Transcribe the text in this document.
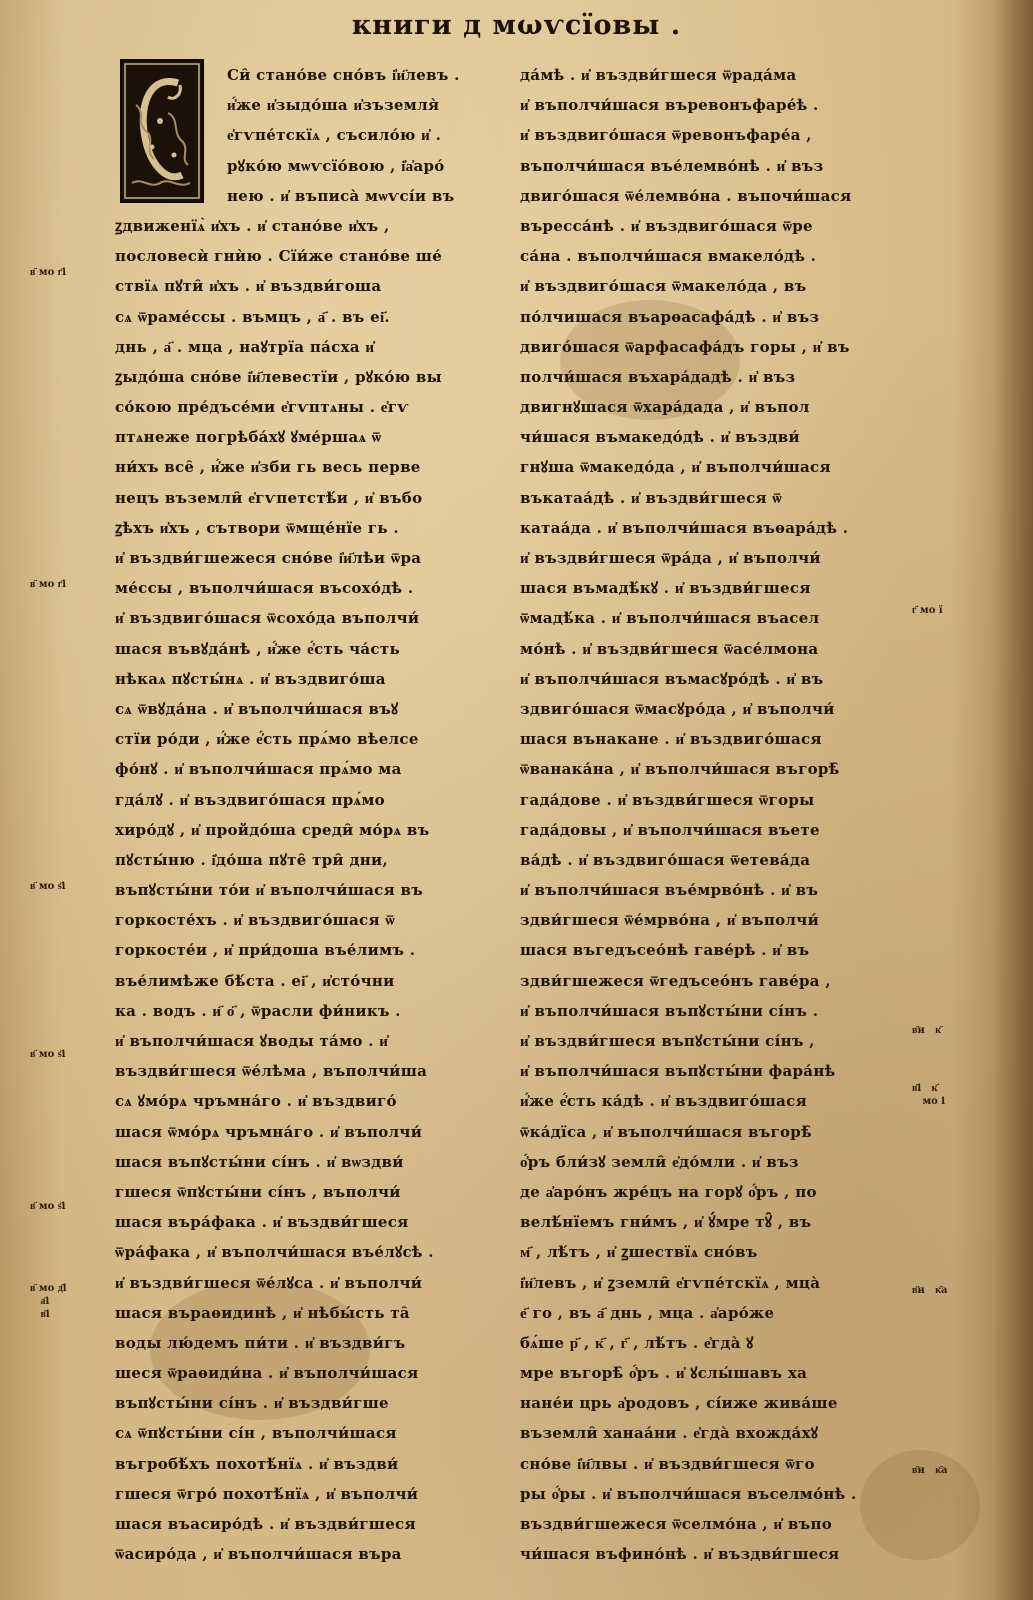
книги д мωѵсїовы .
Си̑ стано́ве сно́въ і҆и҃левъ .
и҆́же и҆зыдо́ша и҆зъземля̀
е҆гѵпе́тскїѧ , съсило́ю и҆ .
рꙋко́ю мѡѵсїо́вою , і҆а҆аро́
нею . и҆ въписа̀ мѡѵсі́и въ
ꙁдвиженїѧ̀ и҆хъ . и҆ стано́ве и҆хъ ,
пословесѝ гнѝю . Сїи́же стано́ве ше́
ствїѧ пꙋти̑ и҆хъ . и҆ въздви́гоша
сѧ ѿраме́ссы . въмцъ , а҃ . въ еі҃.
днь , а҃ . мца , наꙋтрїа па́сха и҆
ꙁыдо́ша сно́ве і҆и҃левестїи , рꙋко́ю вы
со́кою пре́дъсе́ми е҆гѵптѧны . е҆гѵ
птѧнеже погрѣба́хꙋ ꙋме́ршаѧ ѿ
ни́хъ все̑ , и҆́же и҆зби гь весь перве
нецъ въземли̑ е҆гѵпетстѣ́и , и҆ въбо
ꙁѣхъ и҆хъ , сътвори ѿмще́нїе гь .
и҆ въздви́гшежеся сно́ве і҆и҃лѣи ѿра
ме́ссы , въполчи́шася въсохо́дѣ .
и҆ въздвиго́шася ѿсохо́да въполчи́
шася въвꙋда́нѣ , и҆́же е҆́сть ча́сть
нѣкаѧ пꙋсты́нѧ . и҆ въздвиго́ша
сѧ ѿвꙋда́на . и҆ въполчи́шася въꙋ
стїи ро́ди , и҆́же е҆́сть прѧ́мо вѣелсе
фо́нꙋ . и҆ въполчи́шася прѧ́мо ма
гда́лꙋ . и҆ въздвиго́шася прѧ́мо
хиро́дꙋ , и҆ пройдо́ша среди̑ мо́рѧ въ
пꙋсты́ню . і҆до́ша пꙋте̑ три̑ дни,
въпꙋсты́ни то́и и҆ въполчи́шася въ
горкосте́хъ . и҆ въздвиго́шася ѿ
горкосте́и , и҆ при́доша въе́лимъ .
въе́лимѣже бѣ́ста . еі҃ , и҆сто́чни
ка . водъ . и҃ о҃ , ѿрасли фи́никъ .
и҆ въполчи́шася ꙋводы та́мо . и҆
въздви́гшеся ѿе́лѣма , въполчи́ша
сѧ ꙋмо́рѧ чръмна́го . и҆ въздвиго́
шася ѿмо́рѧ чръмна́го . и҆ въполчи́
шася въпꙋсты́ни сі́нъ . и҆ вѡздви́
гшеся ѿпꙋсты́ни сі́нъ , въполчи́
шася въра́фака . и҆ въздви́гшеся
ѿра́фака , и҆ въполчи́шася въе́лꙋсѣ .
и҆ въздви́гшеся ѿе́лꙋса . и҆ въполчи́
шася въраѳидинѣ , и҆ нѣбы́сть та̑
воды лю́демъ пи́ти . и҆ въздви́гъ
шеся ѿраѳиди́на . и҆ въполчи́шася
въпꙋсты́ни сі́нъ . и҆ въздви́гше
сѧ ѿпꙋсты́ни сі́н , въполчи́шася
въгробѣ́хъ похотѣ́нїѧ . и҆ въздви́
гшеся ѿгро́ похотѣ́нїѧ , и҆ въполчи́
шася въасиро́дѣ . и҆ въздви́гшеся
ѿасиро́да , и҆ въполчи́шася въра
да́мѣ . и҆ въздви́гшеся ѿрада́ма
и҆ въполчи́шася въревонъфаре́ѣ .
и҆ въздвиго́шася ѿревонъфаре́а ,
въполчи́шася въе́лемво́нѣ . и҆ въз
двиго́шася ѿе́лемво́на . въпочи́шася
въресса́нѣ . и҆ въздвиго́шася ѿре
са́на . въполчи́шася вмакело́дѣ .
и҆ въздвиго́шася ѿмакело́да , въ
по́лчишася въарѳасафа́дѣ . и҆ въз
двиго́шася ѿарфасафа́дъ горы , и҆ въ
полчи́шася въхара́дадѣ . и҆ въз
двигнꙋшася ѿхара́дада , и҆ въпол
чи́шася въмакедо́дѣ . и҆ въздви́
гнꙋша ѿмакедо́да , и҆ въполчи́шася
въкатаа́дѣ . и҆ въздви́гшеся ѿ
катаа́да . и҆ въполчи́шася въѳара́дѣ .
и҆ въздви́гшеся ѿра́да , и҆ въполчи́
шася въмадѣ́кꙋ . и҆ въздви́гшеся
ѿмадѣ́ка . и҆ въполчи́шася въасел
мо́нѣ . и҆ въздви́гшеся ѿасе́лмона
и҆ въполчи́шася въмасꙋро́дѣ . и҆ въ
здвиго́шася ѿмасꙋро́да , и҆ въполчи́
шася вънакане . и҆ въздвиго́шася
ѿванака́на , и҆ въполчи́шася въгорѣ̑
гада́дове . и҆ въздви́гшеся ѿгоры
гада́довы , и҆ въполчи́шася въете
ва́дѣ . и҆ въздвиго́шася ѿетева́да
и҆ въполчи́шася въе́мрво́нѣ . и҆ въ
здви́гшеся ѿе́мрво́на , и҆ въполчи́
шася въгедъсео́нѣ гаве́рѣ . и҆ въ
здви́гшежеся ѿгедъсео́нъ гаве́ра ,
и҆ въполчи́шася въпꙋсты́ни сі́нъ .
и҆ въздви́гшеся въпꙋсты́ни сі́нъ ,
и҆ въполчи́шася въпꙋсты́ни фара́нѣ
и҆́же е҆́сть ка́дѣ . и҆ въздвиго́шася
ѿка́дїса , и҆ въполчи́шася въгорѣ̑
о҆́ръ бли́зꙋ земли̑ е҆до́мли . и҆ въз
де а҆аро́нъ жре́цъ на горꙋ о҆́ръ , по
велѣ́нїемъ гни́мъ , и҆ ꙋ́мре тꙋ̑ , въ
м҃ , лѣ́тъ , и҆ ꙁшествїѧ сно́въ
і҆и҃левъ , и҆ ꙁземли̑ е҆гѵпе́тскїѧ , мца̀
е҃ го , въ а҃ днь , мца . а҆аро́же
бѧ́ше р҃ , к҃ , г҃ , лѣ́тъ . е҆гда̀ ꙋ
мре въгорѣ̑ о҆́ръ . и҆ ꙋслы́шавъ ха
нане́и црь а҆родовъ , сі́иже жива́ше
въземли̑ ханаа́ни . е҆гда̀ вхожда́хꙋ
сно́ве і҆и҃лвы . и҆ въздви́гшеся ѿго
ры о҆́ры . и҆ въполчи́шася въселмо́нѣ .
въздви́гшежеся ѿселмо́на , и҆ въпо
чи́шася въфино́нѣ . и҆ въздви́гшеся
в҃ мо г҃і
в҃ мо г҃і
в҃ мо ѕ҃і
в҃ мо ѕ҃і
в҃ мо ѕ҃і
в҃ мо д҃і
а҃і
в҃і
г҃ мо ї
в҃и   к҃
в҃і   к҃
мо і
в҃и   к҃а
в҃и   к҃а
